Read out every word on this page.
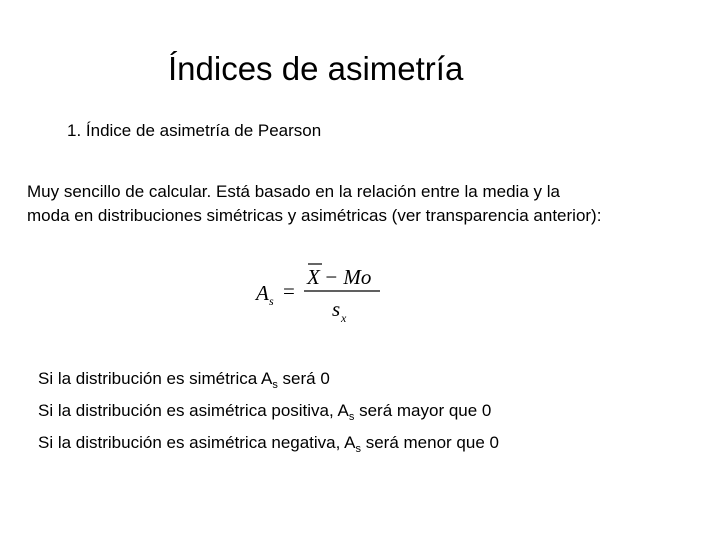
Índices de asimetría
1. Índice de asimetría de Pearson

Muy sencillo de calcular. Está basado en la relación entre la media y la moda en distribuciones simétricas y asimétricas (ver transparencia anterior):

A s =
X − Mo
s x
Si la distribución es simétrica $A_s$ será 0
Si la distribución es asimétrica positiva, $A_s$ será mayor que 0
Si la distribución es asimétrica negativa, $A_s$ será menor que 0
